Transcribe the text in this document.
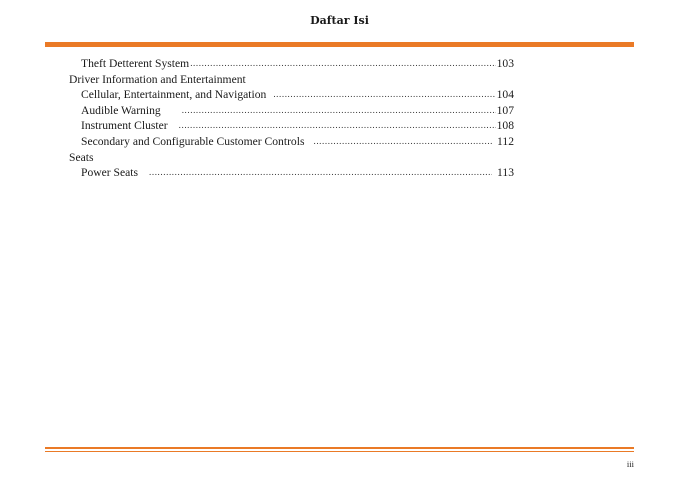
Daftar Isi
Theft Detterent System .....	103
Driver Information and Entertainment
Cellular, Entertainment, and Navigation .....	104
Audible Warning .....	107
Instrument Cluster .....	108
Secondary and Configurable Customer Controls .....	112
Seats
Power Seats .....	113
iii
